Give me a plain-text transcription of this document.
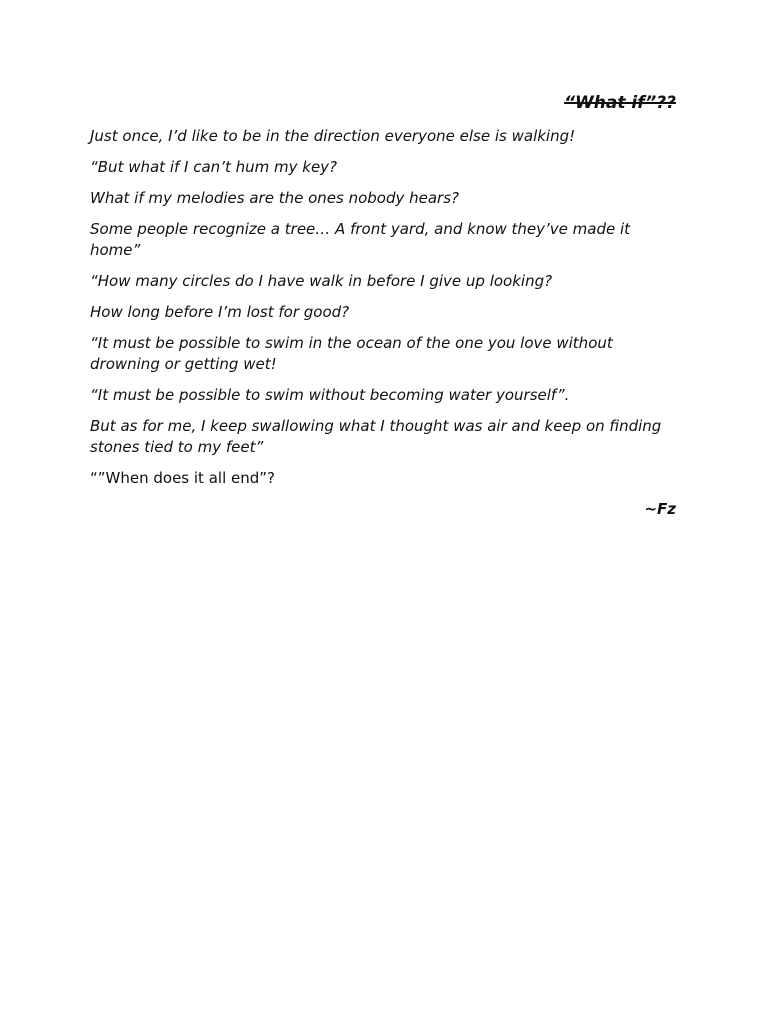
“What if”??

Just once, I’d like to be in the direction everyone else is walking!

“But what if I can’t hum my key?

What if my melodies are the ones nobody hears?

Some people recognize a tree… A front yard, and know they’ve made it home”

“How many circles do I have walk in before I give up looking?

How long before I’m lost for good?

“It must be possible to swim in the ocean of the one you love without drowning or getting wet!

“It must be possible to swim without becoming water yourself”.

But as for me, I keep swallowing what I thought was air and keep on finding stones tied to my feet”

“”When does it all end”?

~Fz
